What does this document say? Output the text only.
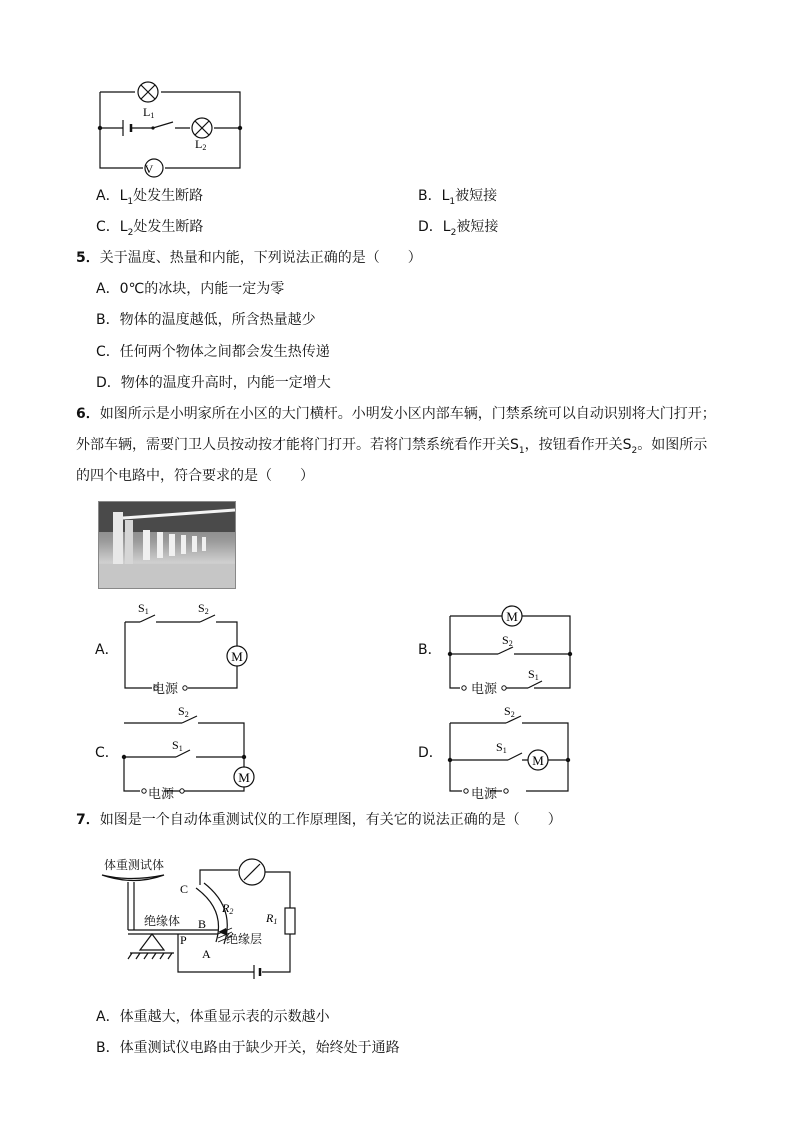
V
L1
L2
A．$L_1$处发生断路	B．$L_1$被短接
C．$L_2$处发生断路	D．$L_2$被短接
5．关于温度、热量和内能，下列说法正确的是（　　）
A．0℃的冰块，内能一定为零
B．物体的温度越低，所含热量越少
C．任何两个物体之间都会发生热传递
D．物体的温度升高时，内能一定增大
6．如图所示是小明家所在小区的大门横杆。小明发小区内部车辆，门禁系统可以自动识别将大门打开；
外部车辆，需要门卫人员按动按才能将门打开。若将门禁系统看作开关$S_1$，按钮看作开关$S_2$。如图所示
的四个电路中，符合要求的是（　　）
A．	M
S1	S2
电源
B．
M
S2
S1
电源
C．
M
S2
S1
电源
D．	M
S2
S1
电源
7．如图是一个自动体重测试仪的工作原理图，有关它的说法正确的是（　　）
C
B
A
P
R2	R1
体重测试体
绝缘体
绝缘层
A．体重越大，体重显示表的示数越小
B．体重测试仪电路由于缺少开关，始终处于通路
